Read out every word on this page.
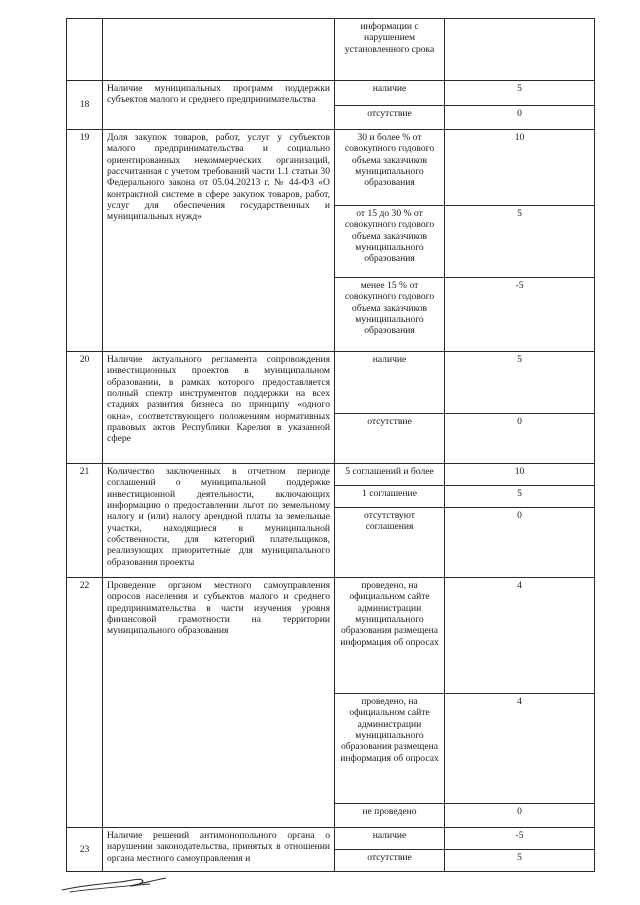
		информации с нарушением установленного срока	
18	Наличие муниципальных программ поддержки субъектов малого и среднего предпринимательства	наличие	5
		отсутствие	0
19	Доля закупок товаров, работ, услуг у субъектов малого предпринимательства и социально ориентированных некоммерческих организаций, рассчитанная с учетом требований части 1.1 статьи 30 Федерального закона от 05.04.20213 г. № 44-ФЗ «О контрактной системе в сфере закупок товаров, работ, услуг для обеспечения государственных и муниципальных нужд»	30 и более % от совокупного годового объема заказчиков муниципального образования	10
		от 15 до 30 % от совокупного годового объема заказчиков муниципального образования	5
		менее 15 % от совокупного годового объема заказчиков муниципального образования	-5
20	Наличие актуального регламента сопровождения инвестиционных проектов в муниципальном образовании, в рамках которого предоставляется полный спектр инструментов поддержки на всех стадиях развития бизнеса по принципу «одного окна», соответствующего положениям нормативных правовых актов Республики Карелия в указанной сфере	наличие	5
		отсутствие	0
21	Количество заключенных в отчетном периоде соглашений о муниципальной поддержке инвестиционной деятельности, включающих информацию о предоставлении льгот по земельному налогу и (или) налогу арендной платы за земельные участки, находящиеся в муниципальной собственности, для категорий плательщиков, реализующих приоритетные для муниципального образования проекты	5 соглашений и более	10
		1 соглашение	5
		отсутствуют соглашения	0
22	Проведение органом местного самоуправления опросов населения и субъектов малого и среднего предпринимательства в части изучения уровня финансовой грамотности на территории муниципального образования	проведено, на официальном сайте администрации муниципального образования размещена информация об опросах	4
		проведено, на официальном сайте администрации муниципального образования размещена информация об опросах	4
		не проведено	0
23	Наличие решений антимонопольного органа о нарушении законодательства, принятых в отношении органа местного самоуправления и	наличие	-5
		отсутствие	5
